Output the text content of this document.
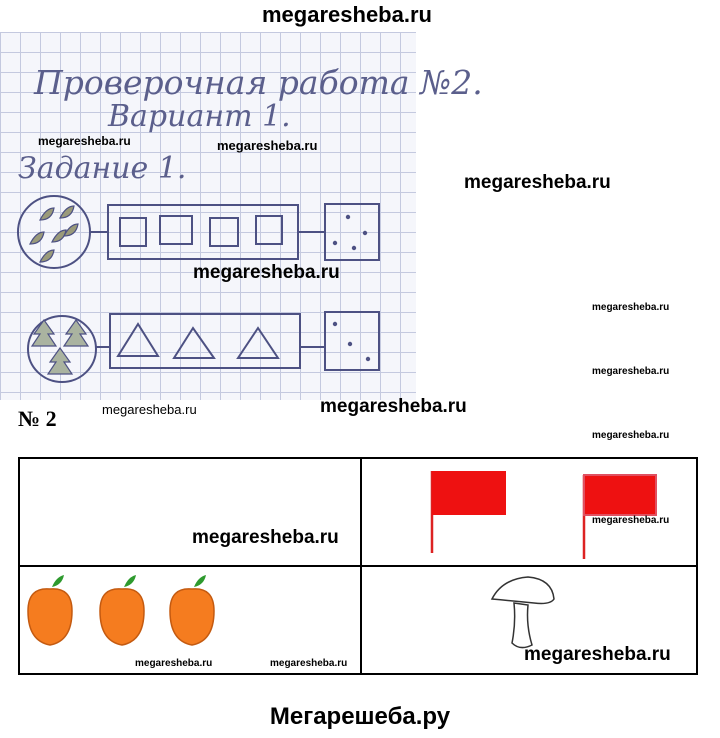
megaresheba.ru
Проверочная работа №2.
Вариант 1.
Задание 1.
megaresheba.ru	megaresheba.ru
megaresheba.ru
megaresheba.ru
megaresheba.ru
megaresheba.ru
megaresheba.ru
№ 2	megaresheba.ru	megaresheba.ru
megaresheba.ru
megaresheba.ru
megaresheba.ru	megaresheba.ru	megaresheba.ru
Мегарешеба.ру
